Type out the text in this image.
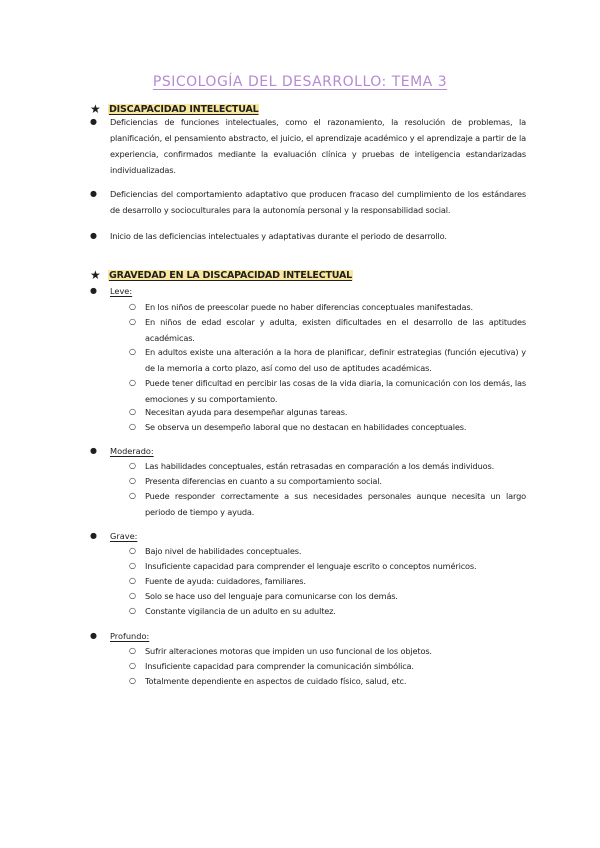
PSICOLOGÍA DEL DESARROLLO: TEMA 3
★ DISCAPACIDAD INTELECTUAL
● Deficiencias de funciones intelectuales, como el razonamiento, la resolución de problemas, la planificación, el pensamiento abstracto, el juicio, el aprendizaje académico y el aprendizaje a partir de la experiencia, confirmados mediante la evaluación clínica y pruebas de inteligencia estandarizadas individualizadas.
● Deficiencias del comportamiento adaptativo que producen fracaso del cumplimiento de los estándares de desarrollo y socioculturales para la autonomía personal y la responsabilidad social.
● Inicio de las deficiencias intelectuales y adaptativas durante el periodo de desarrollo.
★ GRAVEDAD EN LA DISCAPACIDAD INTELECTUAL
● Leve:
○ En los niños de preescolar puede no haber diferencias conceptuales manifestadas.
○ En niños de edad escolar y adulta, existen dificultades en el desarrollo de las aptitudes académicas.
○ En adultos existe una alteración a la hora de planificar, definir estrategias (función ejecutiva) y de la memoria a corto plazo, así como del uso de aptitudes académicas.
○ Puede tener dificultad en percibir las cosas de la vida diaria, la comunicación con los demás, las emociones y su comportamiento.
○ Necesitan ayuda para desempeñar algunas tareas.
○ Se observa un desempeño laboral que no destacan en habilidades conceptuales.
● Moderado:
○ Las habilidades conceptuales, están retrasadas en comparación a los demás individuos.
○ Presenta diferencias en cuanto a su comportamiento social.
○ Puede responder correctamente a sus necesidades personales aunque necesita un largo periodo de tiempo y ayuda.
● Grave:
○ Bajo nivel de habilidades conceptuales.
○ Insuficiente capacidad para comprender el lenguaje escrito o conceptos numéricos.
○ Fuente de ayuda: cuidadores, familiares.
○ Solo se hace uso del lenguaje para comunicarse con los demás.
○ Constante vigilancia de un adulto en su adultez.
● Profundo:
○ Sufrir alteraciones motoras que impiden un uso funcional de los objetos.
○ Insuficiente capacidad para comprender la comunicación simbólica.
○ Totalmente dependiente en aspectos de cuidado físico, salud, etc.
